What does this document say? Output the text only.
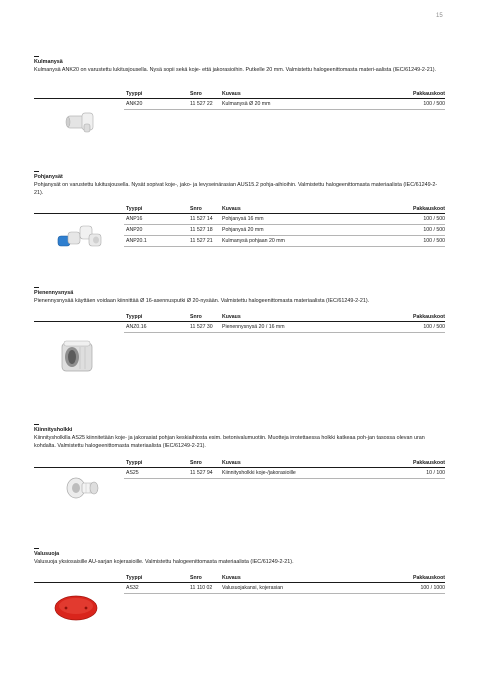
15
Kulmanysä

Kulmanysä ANK20 on varustettu lukitusjousella. Nysä sopii sekä koje- että jakorasioihin. Putkelle 20 mm. Valmistettu halogeenittomasta materi-aalista (IEC/61249-2-21).

Tyyppi	Snro	Kuvaus	Pakkauskoot
ANK20	11 527 22 Kulmanysä Ø 20 mm	100 / 500
Pohjanysät

Pohjanysät on varustettu lukitusjousella. Nysät sopivat koje-, jako- ja levyseinärasian AUS15.2 pohja-aihioihin. Valmistettu halogeenittomasta materiaalista (IEC/61249-2-21).

Tyyppi	Snro	Kuvaus	Pakkauskoot
ANP16	11 527 14 Pohjanysä 16 mm	100 / 500
ANP20	11 527 18 Pohjanysä 20 mm	100 / 500
ANP20.1	11 527 21 Kulmanysä pohjaan 20 mm	100 / 500
Pienennysnysä

Pienennysnysää käyttäen voidaan kiinnittää Ø 16-asennusputki Ø 20-nysään. Valmistettu halogeenittomasta materiaalista (IEC/61249-2-21).

Tyyppi	Snro	Kuvaus	Pakkauskoot
ANZ0.16	11 527 30 Pienennysnysä 20 / 16 mm	100 / 500
Kiinnitysholkki

Kiinnitysholkilla AS25 kiinnitetään koje- ja jakorasiat pohjan keskiaihiosta esim. betonivalumuotiin. Muotteja irrotettaessa holkki katkeaa poh-jan tasossa olevan uran kohdalta. Valmistettu halogeenittomasta materiaalista (IEC/61249-2-21).

Tyyppi	Snro	Kuvaus	Pakkauskoot
AS25	11 527 94 Kiinnitysholkki koje-/jakorasioille	10 / 100
Valusuoja

Valusuoja yksiosaisille AU-sarjan kojerasioille. Valmistettu halogeenittomasta materiaalista (IEC/61249-2-21).

Tyyppi	Snro	Kuvaus	Pakkauskoot
AS32	11 110 02 Valusuojakansi, kojerasian	100 / 1000
